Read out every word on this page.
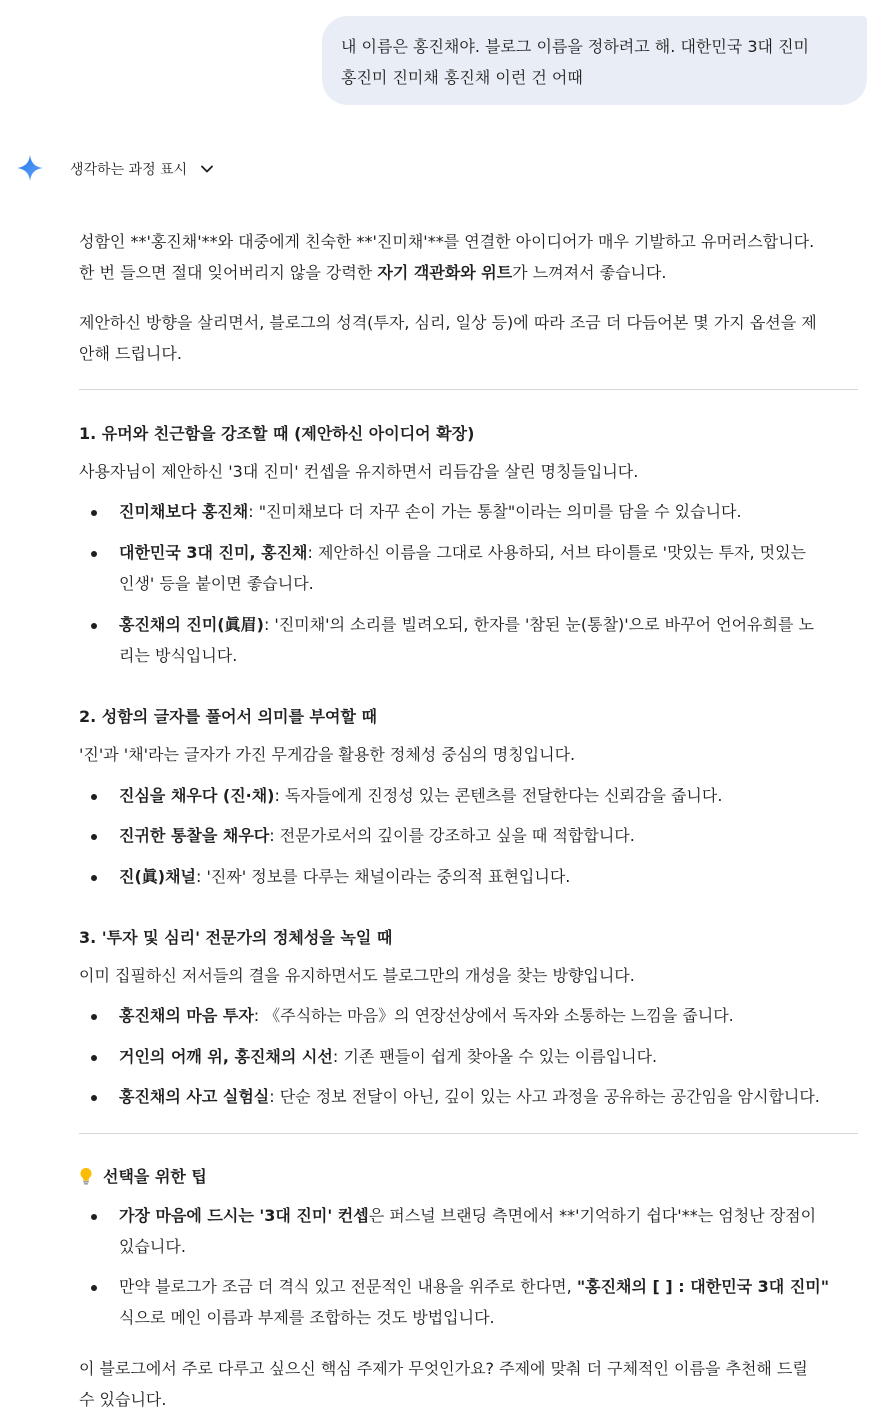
내 이름은 홍진채야. 블로그 이름을 정하려고 해. 대한민국 3대 진미

홍진미 진미채 홍진채 이런 건 어때

생각하는 과정 표시
성함인 **'홍진채'**와 대중에게 친숙한 **'진미채'**를 연결한 아이디어가 매우 기발하고 유머러스합니다.
한 번 들으면 절대 잊어버리지 않을 강력한 자기 객관화와 위트가 느껴져서 좋습니다.
제안하신 방향을 살리면서, 블로그의 성격(투자, 심리, 일상 등)에 따라 조금 더 다듬어본 몇 가지 옵션을 제
안해 드립니다.
1. 유머와 친근함을 강조할 때 (제안하신 아이디어 확장)
사용자님이 제안하신 '3대 진미' 컨셉을 유지하면서 리듬감을 살린 명칭들입니다.
진미채보다 홍진채: "진미채보다 더 자꾸 손이 가는 통찰"이라는 의미를 담을 수 있습니다.
대한민국 3대 진미, 홍진채: 제안하신 이름을 그대로 사용하되, 서브 타이틀로 '맛있는 투자, 멋있는
인생' 등을 붙이면 좋습니다.
홍진채의 진미(眞眉): '진미채'의 소리를 빌려오되, 한자를 '참된 눈(통찰)'으로 바꾸어 언어유희를 노
리는 방식입니다.
2. 성함의 글자를 풀어서 의미를 부여할 때
'진'과 '채'라는 글자가 가진 무게감을 활용한 정체성 중심의 명칭입니다.
진심을 채우다 (진·채): 독자들에게 진정성 있는 콘텐츠를 전달한다는 신뢰감을 줍니다.
진귀한 통찰을 채우다: 전문가로서의 깊이를 강조하고 싶을 때 적합합니다.
진(眞)채널: '진짜' 정보를 다루는 채널이라는 중의적 표현입니다.
3. '투자 및 심리' 전문가의 정체성을 녹일 때
이미 집필하신 저서들의 결을 유지하면서도 블로그만의 개성을 찾는 방향입니다.
홍진채의 마음 투자: 《주식하는 마음》의 연장선상에서 독자와 소통하는 느낌을 줍니다.
거인의 어깨 위, 홍진채의 시선: 기존 팬들이 쉽게 찾아올 수 있는 이름입니다.
홍진채의 사고 실험실: 단순 정보 전달이 아닌, 깊이 있는 사고 과정을 공유하는 공간임을 암시합니다.
선택을 위한 팁
가장 마음에 드시는 '3대 진미' 컨셉은 퍼스널 브랜딩 측면에서 **'기억하기 쉽다'**는 엄청난 장점이
있습니다.
만약 블로그가 조금 더 격식 있고 전문적인 내용을 위주로 한다면, "홍진채의 [ ] : 대한민국 3대 진미"
식으로 메인 이름과 부제를 조합하는 것도 방법입니다.
이 블로그에서 주로 다루고 싶으신 핵심 주제가 무엇인가요? 주제에 맞춰 더 구체적인 이름을 추천해 드릴
수 있습니다.
